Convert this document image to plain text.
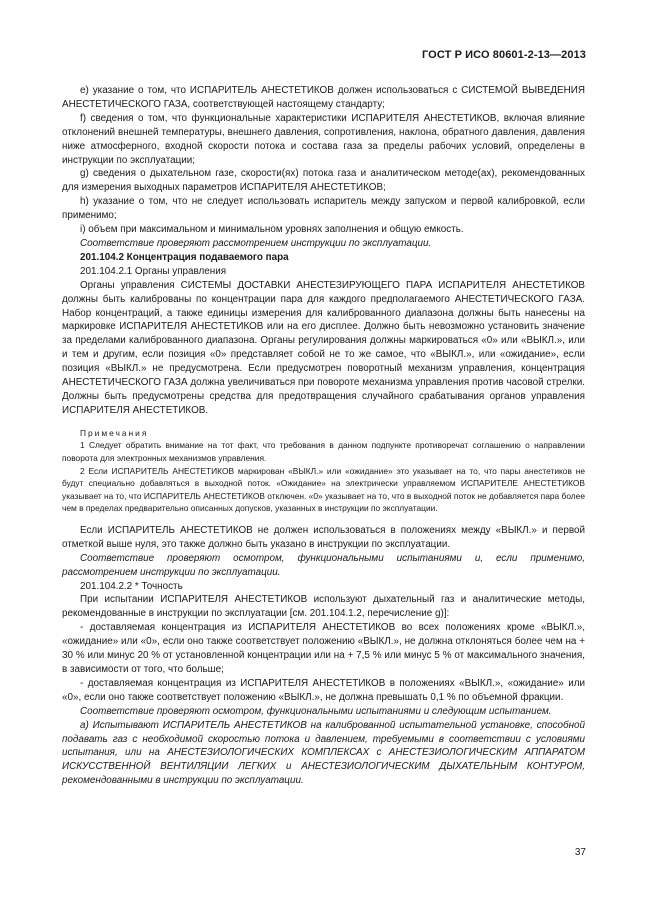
ГОСТ Р ИСО 80601-2-13—2013

е) указание о том, что ИСПАРИТЕЛЬ АНЕСТЕТИКОВ должен использоваться с СИСТЕМОЙ ВЫВЕДЕНИЯ АНЕСТЕТИЧЕСКОГО ГАЗА, соответствующей настоящему стандарту;

f) сведения о том, что функциональные характеристики ИСПАРИТЕЛЯ АНЕСТЕТИКОВ, включая влияние отклонений внешней температуры, внешнего давления, сопротивления, наклона, обратного давления, давления ниже атмосферного, входной скорости потока и состава газа за пределы рабочих условий, определены в инструкции по эксплуатации;

g) сведения о дыхательном газе, скорости(ях) потока газа и аналитическом методе(ах), рекомендованных для измерения выходных параметров ИСПАРИТЕЛЯ АНЕСТЕТИКОВ;

h) указание о том, что не следует использовать испаритель между запуском и первой калибровкой, если применимо;

i) объем при максимальном и минимальном уровнях заполнения и общую емкость.

Соответствие проверяют рассмотрением инструкции по эксплуатации.

201.104.2 Концентрация подаваемого пара

201.104.2.1 Органы управления

Органы управления СИСТЕМЫ ДОСТАВКИ АНЕСТЕЗИРУЮЩЕГО ПАРА ИСПАРИТЕЛЯ АНЕСТЕТИКОВ должны быть калиброваны по концентрации пара для каждого предполагаемого АНЕСТЕТИЧЕСКОГО ГАЗА. Набор концентраций, а также единицы измерения для калиброванного диапазона должны быть нанесены на маркировке ИСПАРИТЕЛЯ АНЕСТЕТИКОВ или на его дисплее. Должно быть невозможно установить значение за пределами калиброванного диапазона. Органы регулирования должны маркироваться «0» или «ВЫКЛ.», или и тем и другим, если позиция «0» представляет собой не то же самое, что «ВЫКЛ.», или «ожидание», если позиция «ВЫКЛ.» не предусмотрена. Если предусмотрен поворотный механизм управления, концентрация АНЕСТЕТИЧЕСКОГО ГАЗА должна увеличиваться при повороте механизма управления против часовой стрелки. Должны быть предусмотрены средства для предотвращения случайного срабатывания органов управления ИСПАРИТЕЛЯ АНЕСТЕТИКОВ.

Примечания

1 Следует обратить внимание на тот факт, что требования в данном подпункте противоречат соглашению о направлении поворота для электронных механизмов управления.

2 Если ИСПАРИТЕЛЬ АНЕСТЕТИКОВ маркирован «ВЫКЛ.» или «ожидание» это указывает на то, что пары анестетиков не будут специально добавляться в выходной поток. «Ожидание» на электрически управляемом ИСПАРИТЕЛЕ АНЕСТЕТИКОВ указывает на то, что ИСПАРИТЕЛЬ АНЕСТЕТИКОВ отключен. «0» указывает на то, что в выходной поток не добавляется пара более чем в пределах предварительно описанных допусков, указанных в инструкции по эксплуатации.

Если ИСПАРИТЕЛЬ АНЕСТЕТИКОВ не должен использоваться в положениях между «ВЫКЛ.» и первой отметкой выше нуля, это также должно быть указано в инструкции по эксплуатации.

Соответствие проверяют осмотром, функциональными испытаниями и, если применимо, рассмотрением инструкции по эксплуатации.

201.104.2.2 * Точность

При испытании ИСПАРИТЕЛЯ АНЕСТЕТИКОВ используют дыхательный газ и аналитические методы, рекомендованные в инструкции по эксплуатации [см. 201.104.1.2, перечисление g)]:

- доставляемая концентрация из ИСПАРИТЕЛЯ АНЕСТЕТИКОВ во всех положениях кроме «ВЫКЛ.», «ожидание» или «0», если оно также соответствует положению «ВЫКЛ.», не должна отклоняться более чем на + 30 % или минус 20 % от установленной концентрации или на + 7,5 % или минус 5 % от максимального значения, в зависимости от того, что больше;

- доставляемая концентрация из ИСПАРИТЕЛЯ АНЕСТЕТИКОВ в положениях «ВЫКЛ.», «ожидание» или «0», если оно также соответствует положению «ВЫКЛ.», не должна превышать 0,1 % по объемной фракции.

Соответствие проверяют осмотром, функциональными испытаниями и следующим испытанием.

а) Испытывают ИСПАРИТЕЛЬ АНЕСТЕТИКОВ на калиброванной испытательной установке, способной подавать газ с необходимой скоростью потока и давлением, требуемыми в соответствии с условиями испытания, или на АНЕСТЕЗИОЛОГИЧЕСКИХ КОМПЛЕКСАХ с АНЕСТЕЗИОЛОГИЧЕСКИМ АППАРАТОМ ИСКУССТВЕННОЙ ВЕНТИЛЯЦИИ ЛЕГКИХ и АНЕСТЕЗИОЛОГИЧЕСКИМ ДЫХАТЕЛЬНЫМ КОНТУРОМ, рекомендованными в инструкции по эксплуатации.

37
